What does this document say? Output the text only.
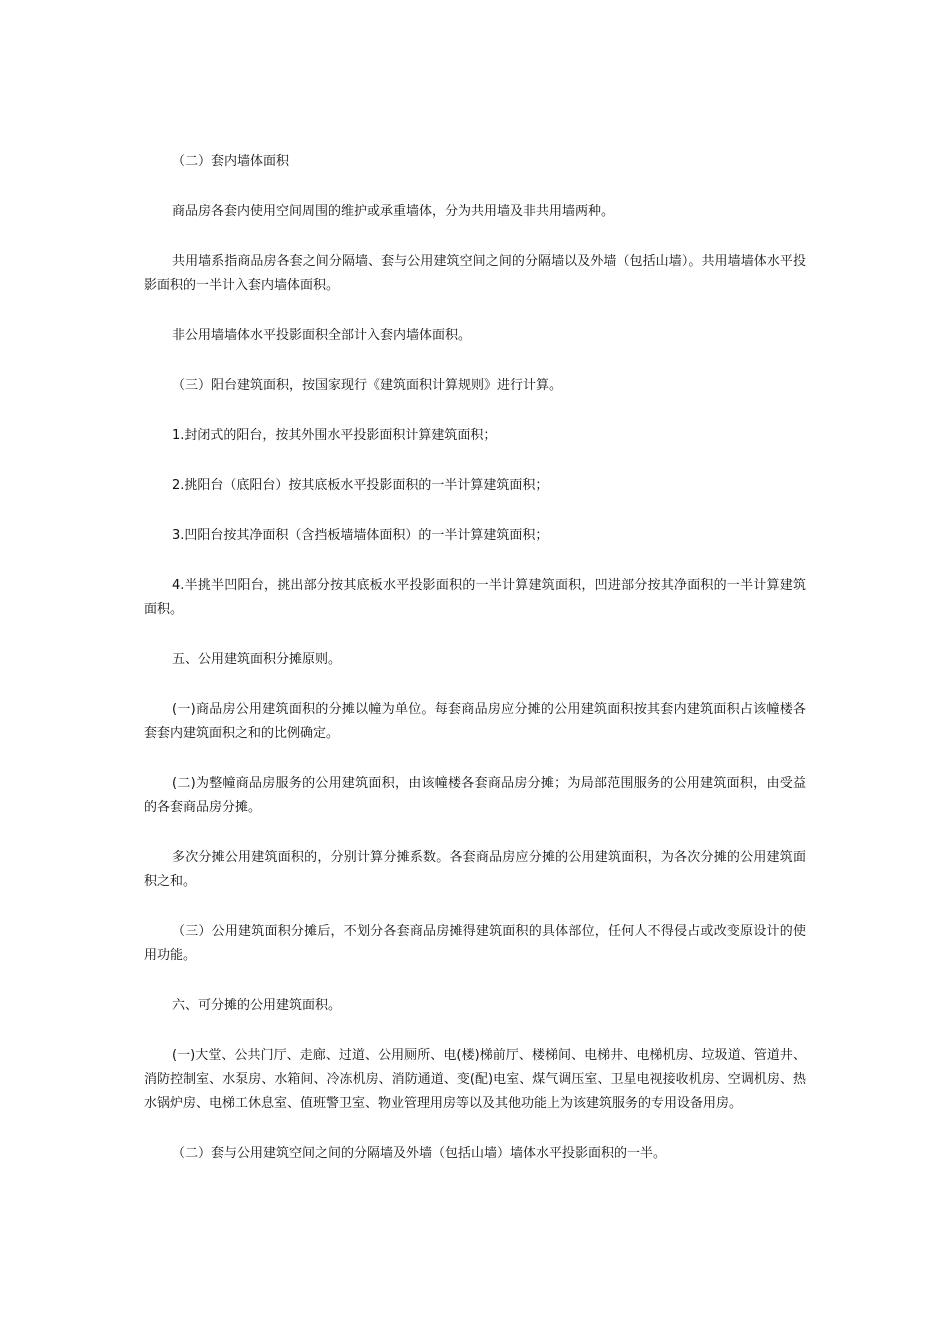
（二）套内墙体面积

商品房各套内使用空间周围的维护或承重墙体，分为共用墙及非共用墙两种。

共用墙系指商品房各套之间分隔墙、套与公用建筑空间之间的分隔墙以及外墙（包括山墙）。共用墙墙体水平投影面积的一半计入套内墙体面积。

非公用墙墙体水平投影面积全部计入套内墙体面积。

（三）阳台建筑面积，按国家现行《建筑面积计算规则》进行计算。

1.封闭式的阳台，按其外围水平投影面积计算建筑面积；

2.挑阳台（底阳台）按其底板水平投影面积的一半计算建筑面积；

3.凹阳台按其净面积（含挡板墙墙体面积）的一半计算建筑面积；

4.半挑半凹阳台，挑出部分按其底板水平投影面积的一半计算建筑面积，凹进部分按其净面积的一半计算建筑面积。

五、公用建筑面积分摊原则。

(一)商品房公用建筑面积的分摊以幢为单位。每套商品房应分摊的公用建筑面积按其套内建筑面积占该幢楼各套套内建筑面积之和的比例确定。

(二)为整幢商品房服务的公用建筑面积，由该幢楼各套商品房分摊；为局部范围服务的公用建筑面积，由受益的各套商品房分摊。

多次分摊公用建筑面积的，分别计算分摊系数。各套商品房应分摊的公用建筑面积，为各次分摊的公用建筑面积之和。

（三）公用建筑面积分摊后，不划分各套商品房摊得建筑面积的具体部位，任何人不得侵占或改变原设计的使用功能。

六、可分摊的公用建筑面积。

(一)大堂、公共门厅、走廊、过道、公用厕所、电(楼)梯前厅、楼梯间、电梯井、电梯机房、垃圾道、管道井、消防控制室、水泵房、水箱间、冷冻机房、消防通道、变(配)电室、煤气调压室、卫星电视接收机房、空调机房、热水锅炉房、电梯工休息室、值班警卫室、物业管理用房等以及其他功能上为该建筑服务的专用设备用房。

（二）套与公用建筑空间之间的分隔墙及外墙（包括山墙）墙体水平投影面积的一半。
